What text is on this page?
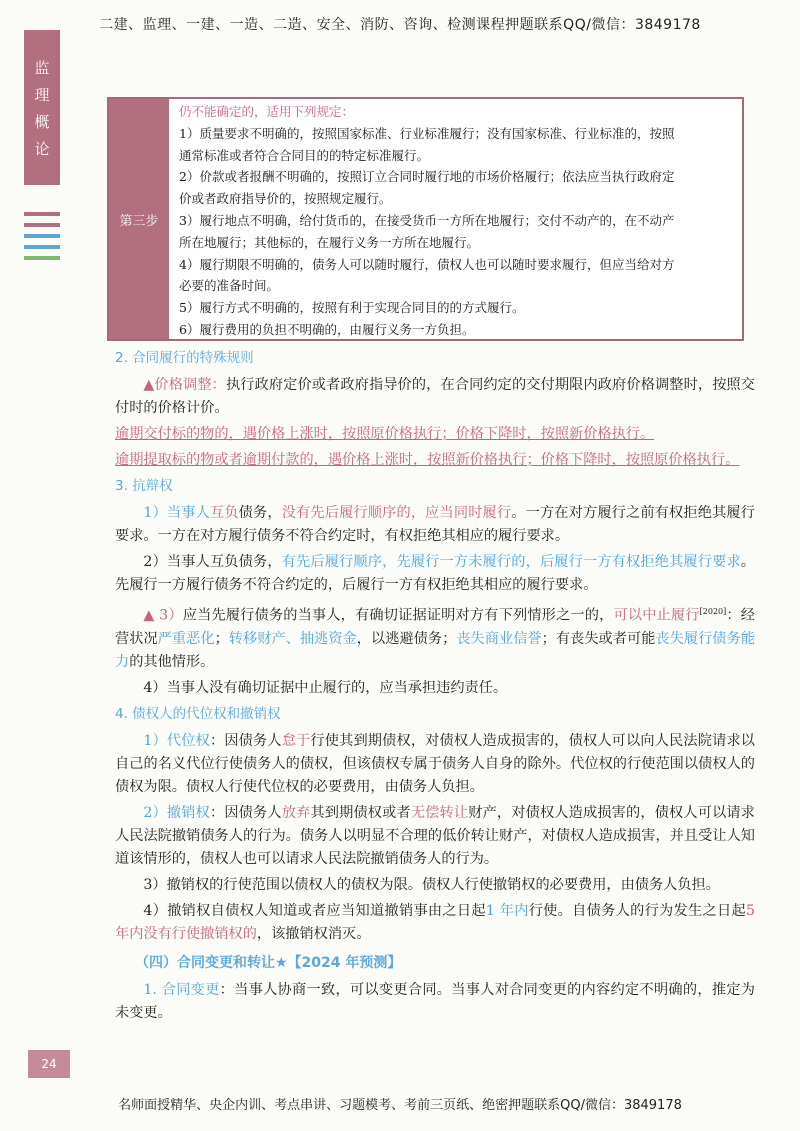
二建、监理、一建、一造、二造、安全、消防、咨询、检测课程押题联系QQ/微信：3849178
监
理
概
论
第三步

仍不能确定的，适用下列规定：

1）质量要求不明确的，按照国家标准、行业标准履行；没有国家标准、行业标准的，按照

通常标准或者符合合同目的的特定标准履行。

2）价款或者报酬不明确的，按照订立合同时履行地的市场价格履行；依法应当执行政府定

价或者政府指导价的，按照规定履行。

3）履行地点不明确，给付货币的，在接受货币一方所在地履行；交付不动产的，在不动产

所在地履行；其他标的，在履行义务一方所在地履行。

4）履行期限不明确的，债务人可以随时履行，债权人也可以随时要求履行，但应当给对方

必要的准备时间。

5）履行方式不明确的，按照有利于实现合同目的的方式履行。

6）履行费用的负担不明确的，由履行义务一方负担。

2. 合同履行的特殊规则

▲价格调整：执行政府定价或者政府指导价的，在合同约定的交付期限内政府价格调整时，按照交付时的价格计价。

逾期交付标的物的，遇价格上涨时，按照原价格执行；价格下降时，按照新价格执行。

逾期提取标的物或者逾期付款的，遇价格上涨时，按照新价格执行；价格下降时，按照原价格执行。

3. 抗辩权

1）当事人互负债务，没有先后履行顺序的，应当同时履行。一方在对方履行之前有权拒绝其履行要求。一方在对方履行债务不符合约定时，有权拒绝其相应的履行要求。

2）当事人互负债务，有先后履行顺序，先履行一方未履行的，后履行一方有权拒绝其履行要求。先履行一方履行债务不符合约定的，后履行一方有权拒绝其相应的履行要求。

▲ 3）应当先履行债务的当事人，有确切证据证明对方有下列情形之一的，可以中止履行[2020]：经营状况严重恶化；转移财产、抽逃资金，以逃避债务；丧失商业信誉；有丧失或者可能丧失履行债务能力的其他情形。

4）当事人没有确切证据中止履行的，应当承担违约责任。

4. 债权人的代位权和撤销权

1）代位权：因债务人怠于行使其到期债权，对债权人造成损害的，债权人可以向人民法院请求以自己的名义代位行使债务人的债权，但该债权专属于债务人自身的除外。代位权的行使范围以债权人的债权为限。债权人行使代位权的必要费用，由债务人负担。

2）撤销权：因债务人放弃其到期债权或者无偿转让财产，对债权人造成损害的，债权人可以请求人民法院撤销债务人的行为。债务人以明显不合理的低价转让财产，对债权人造成损害，并且受让人知道该情形的，债权人也可以请求人民法院撤销债务人的行为。

3）撤销权的行使范围以债权人的债权为限。债权人行使撤销权的必要费用，由债务人负担。

4）撤销权自债权人知道或者应当知道撤销事由之日起1 年内行使。自债务人的行为发生之日起5 年内没有行使撤销权的，该撤销权消灭。

（四）合同变更和转让★【2024 年预测】

1. 合同变更：当事人协商一致，可以变更合同。当事人对合同变更的内容约定不明确的，推定为未变更。

24
名师面授精华、央企内训、考点串讲、习题模考、考前三页纸、绝密押题联系QQ/微信：3849178
